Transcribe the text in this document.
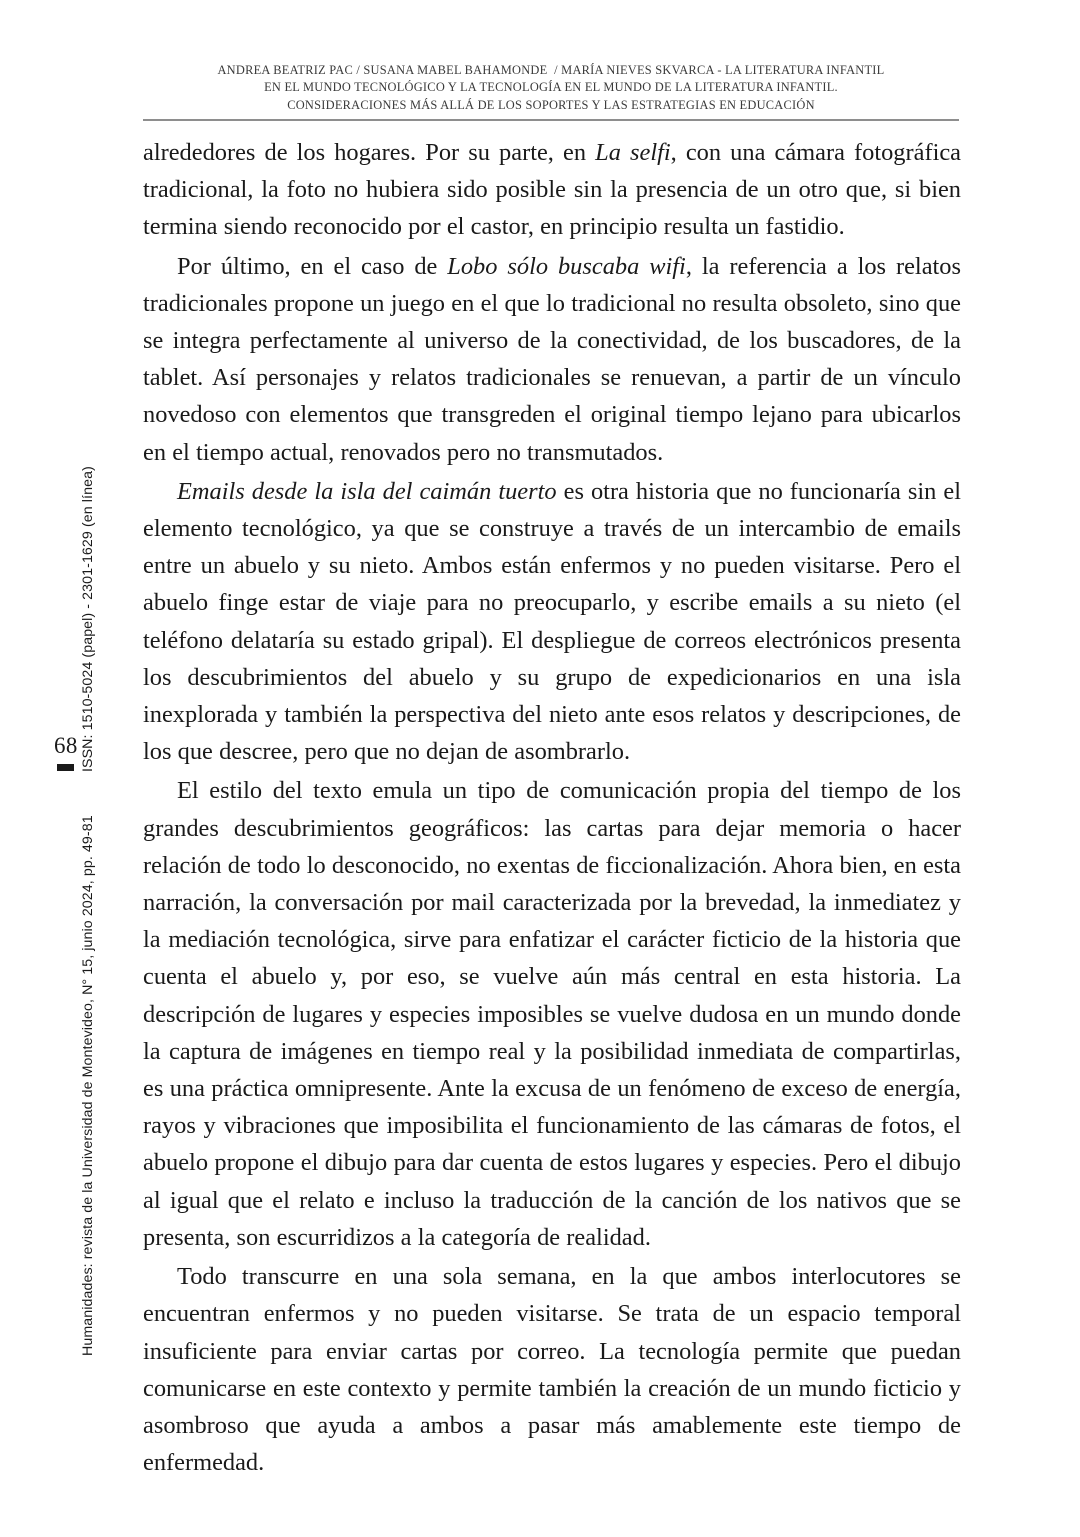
ANDREA BEATRIZ PAC / SUSANA MABEL BAHAMONDE  / MARÍA NIEVES SKVARCA - LA LITERATURA INFANTIL
EN EL MUNDO TECNOLÓGICO Y LA TECNOLOGÍA EN EL MUNDO DE LA LITERATURA INFANTIL.
CONSIDERACIONES MÁS ALLÁ DE LOS SOPORTES Y LAS ESTRATEGIAS EN EDUCACIÓN
ISSN: 1510-5024 (papel) - 2301-1629 (en línea)
68
Humanidades: revista de la Universidad de Montevideo, N° 15, junio 2024, pp. 49-81

alrededores de los hogares. Por su parte, en La selfi, con una cámara fotográfica tradicional, la foto no hubiera sido posible sin la presencia de un otro que, si bien termina siendo reconocido por el castor, en principio resulta un fastidio.

Por último, en el caso de Lobo sólo buscaba wifi, la referencia a los relatos tradicionales propone un juego en el que lo tradicional no resulta obsoleto, sino que se integra perfectamente al universo de la conectividad, de los buscadores, de la tablet. Así personajes y relatos tradicionales se renuevan, a partir de un vínculo novedoso con elementos que transgreden el original tiempo lejano para ubicarlos en el tiempo actual, renovados pero no transmutados.

Emails desde la isla del caimán tuerto es otra historia que no funcionaría sin el elemento tecnológico, ya que se construye a través de un intercambio de emails entre un abuelo y su nieto. Ambos están enfermos y no pueden visitarse. Pero el abuelo finge estar de viaje para no preocuparlo, y escribe emails a su nieto (el teléfono delataría su estado gripal). El despliegue de correos electrónicos presenta los descubrimientos del abuelo y su grupo de expedicionarios en una isla inexplorada y también la perspectiva del nieto ante esos relatos y descripciones, de los que descree, pero que no dejan de asombrarlo.

El estilo del texto emula un tipo de comunicación propia del tiempo de los grandes descubrimientos geográficos: las cartas para dejar memoria o hacer relación de todo lo desconocido, no exentas de ficcionalización. Ahora bien, en esta narración, la conversación por mail caracterizada por la brevedad, la inmediatez y la mediación tecnológica, sirve para enfatizar el carácter ficticio de la historia que cuenta el abuelo y, por eso, se vuelve aún más central en esta historia. La descripción de lugares y especies imposibles se vuelve dudosa en un mundo donde la captura de imágenes en tiempo real y la posibilidad inmediata de compartirlas, es una práctica omnipresente. Ante la excusa de un fenómeno de exceso de energía, rayos y vibraciones que imposibilita el funcionamiento de las cámaras de fotos, el abuelo propone el dibujo para dar cuenta de estos lugares y especies. Pero el dibujo al igual que el relato e incluso la traducción de la canción de los nativos que se presenta, son escurridizos a la categoría de realidad.

Todo transcurre en una sola semana, en la que ambos interlocutores se encuentran enfermos y no pueden visitarse. Se trata de un espacio temporal insuficiente para enviar cartas por correo. La tecnología permite que puedan comunicarse en este contexto y permite también la creación de un mundo ficticio y asombroso que ayuda a ambos a pasar más amablemente este tiempo de enfermedad.
